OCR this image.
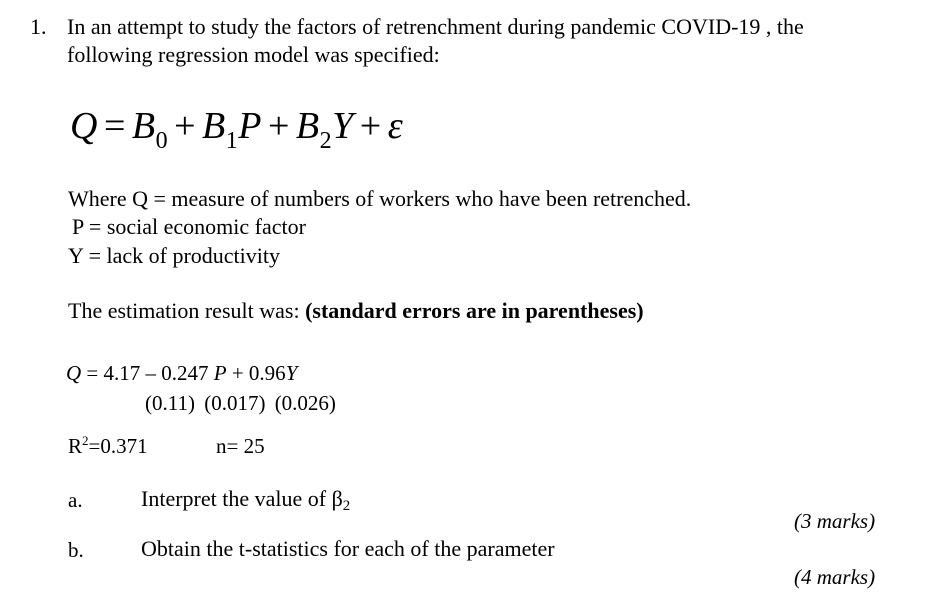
1. In an attempt to study the factors of retrenchment during pandemic COVID-19 , the
following regression model was specified:
$Q = B_0 + B_1P + B_2Y + \varepsilon$
Where Q = measure of numbers of workers who have been retrenched.
P = social economic factor
Y = lack of productivity
The estimation result was: (standard errors are in parentheses)
Q = 4.17 – 0.247 P + 0.96Y
(0.11) (0.017) (0.026)
$R^2=0.371$	n= 25
a.	Interpret the value of β2
(3 marks)
b.	Obtain the t-statistics for each of the parameter
(4 marks)
